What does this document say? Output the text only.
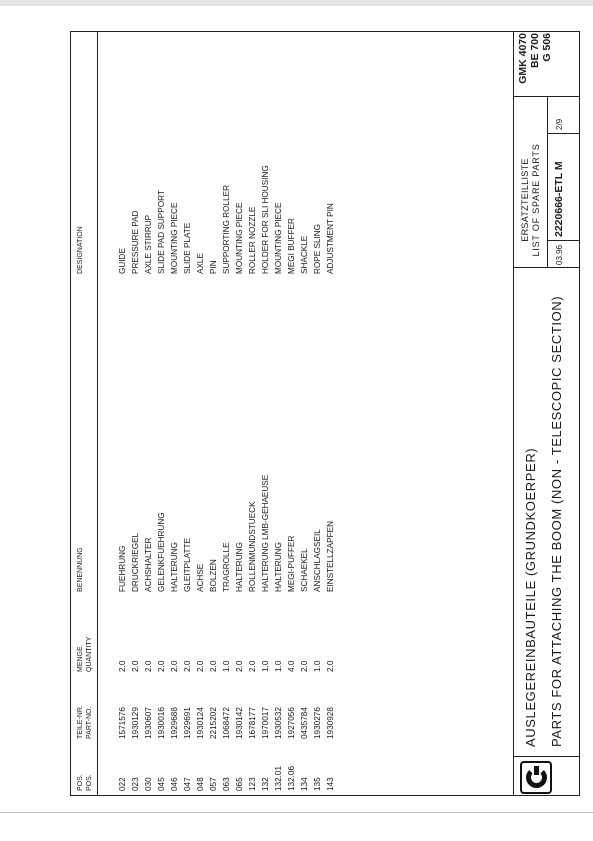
POS. POS.
TEILE-NR. PART-NO.
MENGE QUANTITY
BENENNUNG
DESIGNATION
022 023 030 045 046 047 048 057 063 065 123 132 132.01 132.06 134 135 143
1571576 1930129 1930607 1930016 1929688 1929691 1930124 2215202 1068472 1930142 1678177 1970017 1930532 1927056 0435784 1930276 1930928
2.0 2.0 2.0 2.0 2.0 2.0 2.0 2.0 1.0 2.0 2.0 1.0 1.0 4.0 2.0 1.0 2.0
FUEHRUNG DRUCKRIEGEL ACHSHALTER GELENKFUEHRUNG HALTERUNG GLEITPLATTE ACHSE BOLZEN TRAGROLLE HALTERUNG ROLLENMUNDSTUECK HALTERUNG LMB-GEHAEUSE HALTERUNG MEGI-PUFFER SCHAEKEL ANSCHLAGSEIL EINSTELLZAPFEN
GUIDE PRESSURE PAD AXLE STIRRUP SLIDE PAD SUPPORT MOUNTING PIECE SLIDE PLATE AXLE PIN SUPPORTING ROLLER MOUNTING PIECE ROLLER NOZZLE HOLDER FOR SLI HOUSING MOUNTING PIECE MEGI BUFFER SHACKLE ROPE SLING ADJUSTMENT PIN
AUSLEGEREINBAUTEILE (GRUNDKOERPER) PARTS FOR ATTACHING THE BOOM (NON - TELESCOPIC SECTION)
ERSATZTEILLISTE LIST OF SPARE PARTS 03.96
2220666-ETL M
2/9
GMK 4070 BE 700 G 506
